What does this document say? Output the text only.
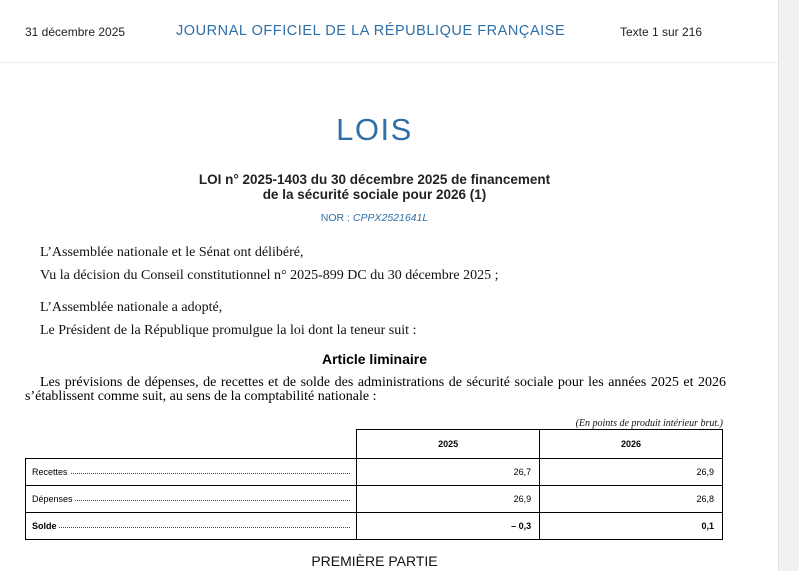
31 décembre 2025	JOURNAL OFFICIEL DE LA RÉPUBLIQUE FRANÇAISE	Texte 1 sur 216
LOIS
LOI n° 2025-1403 du 30 décembre 2025 de financement
de la sécurité sociale pour 2026 (1)
NOR : CPPX2521641L
L’Assemblée nationale et le Sénat ont délibéré,
Vu la décision du Conseil constitutionnel n° 2025-899 DC du 30 décembre 2025 ;
L’Assemblée nationale a adopté,
Le Président de la République promulgue la loi dont la teneur suit :
Article liminaire
Les prévisions de dépenses, de recettes et de solde des administrations de sécurité sociale pour les années 2025 et 2026 s’établissent comme suit, au sens de la comptabilité nationale :
(En points de produit intérieur brut.)
	2025	2026

Recettes	26,7	26,9

Dépenses	26,9	26,8

Solde	– 0,3	0,1
PREMIÈRE PARTIE
